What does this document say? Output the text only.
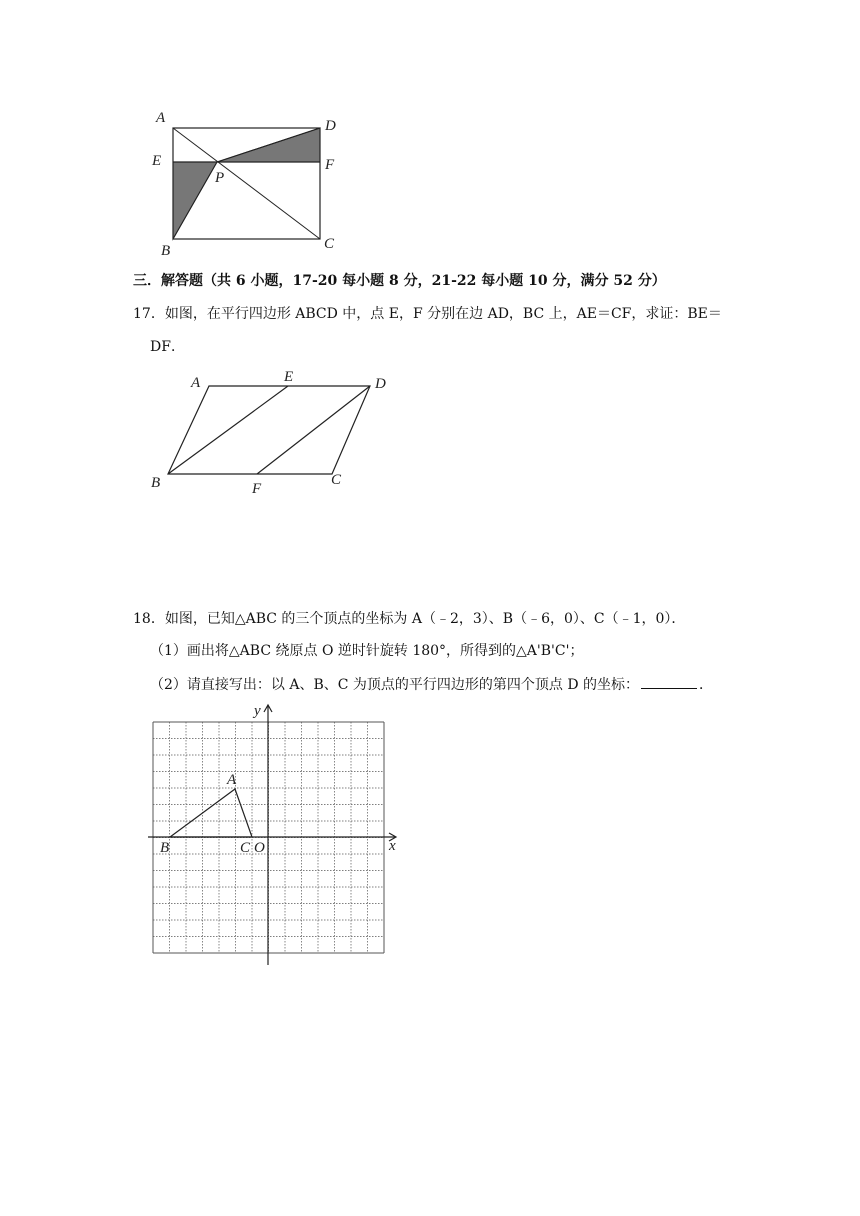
A	D
E	F
P
B	C
三．解答题（共 6 小题，17-20 每小题 8 分，21-22 每小题 10 分，满分 52 分）
17．如图，在平行四边形 ABCD 中，点 E，F 分别在边 AD，BC 上，AE＝CF，求证：BE＝
DF．
A	E	D
B	F
C
18．如图，已知△ABC 的三个顶点的坐标为 A（﹣2，3）、B（﹣6，0）、C（﹣1，0）．
（1）画出将△ABC 绕原点 O 逆时针旋转 180°，所得到的△A'B'C'；
（2）请直接写出：以 A、B、C 为顶点的平行四边形的第四个顶点 D 的坐标：	．
y
x
A
B	C O
